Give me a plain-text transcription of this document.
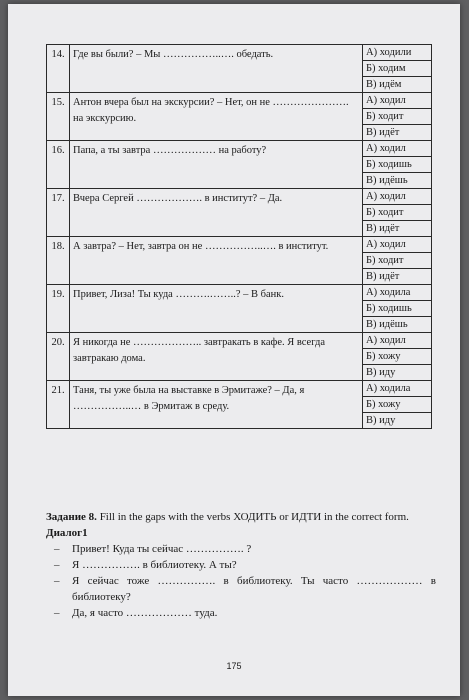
14.	Где вы были? – Мы ……………..…. обедать.	А) ходили
		Б) ходим
		В) идём
15.	Антон вчера был на экскурсии? – Нет, он не …………………. на экскурсию.	А) ходил
		Б) ходит
		В) идёт
16.	Папа, а ты завтра ……………… на работу?	А) ходил
		Б) ходишь
		В) идёшь
17.	Вчера Сергей ………………. в институт? – Да.	А) ходил
		Б) ходит
		В) идёт
18.	А завтра? – Нет, завтра он не ……………..…. в институт.	А) ходил
		Б) ходит
		В) идёт
19.	Привет, Лиза! Ты куда ……….……..? – В банк.	А) ходила
		Б) ходишь
		В) идёшь
20.	Я никогда не ……………….. завтракать в кафе. Я всегда завтракаю дома.	А) ходил
		Б) хожу
		В) иду
21.	Таня, ты уже была на выставке в Эрмитаже? – Да, я ……………..… в Эрмитаж в среду.	А) ходила
		Б) хожу
		В) иду
Задание 8. Fill in the gaps with the verbs ХОДИТЬ or ИДТИ in the correct form.
Диалог1
– Привет! Куда ты сейчас ……………. ?
– Я ……………. в библиотеку. А ты?
– Я сейчас тоже ……………. в библиотеку. Ты часто ……………… в библиотеку?
– Да, я часто ……………… туда.
175
